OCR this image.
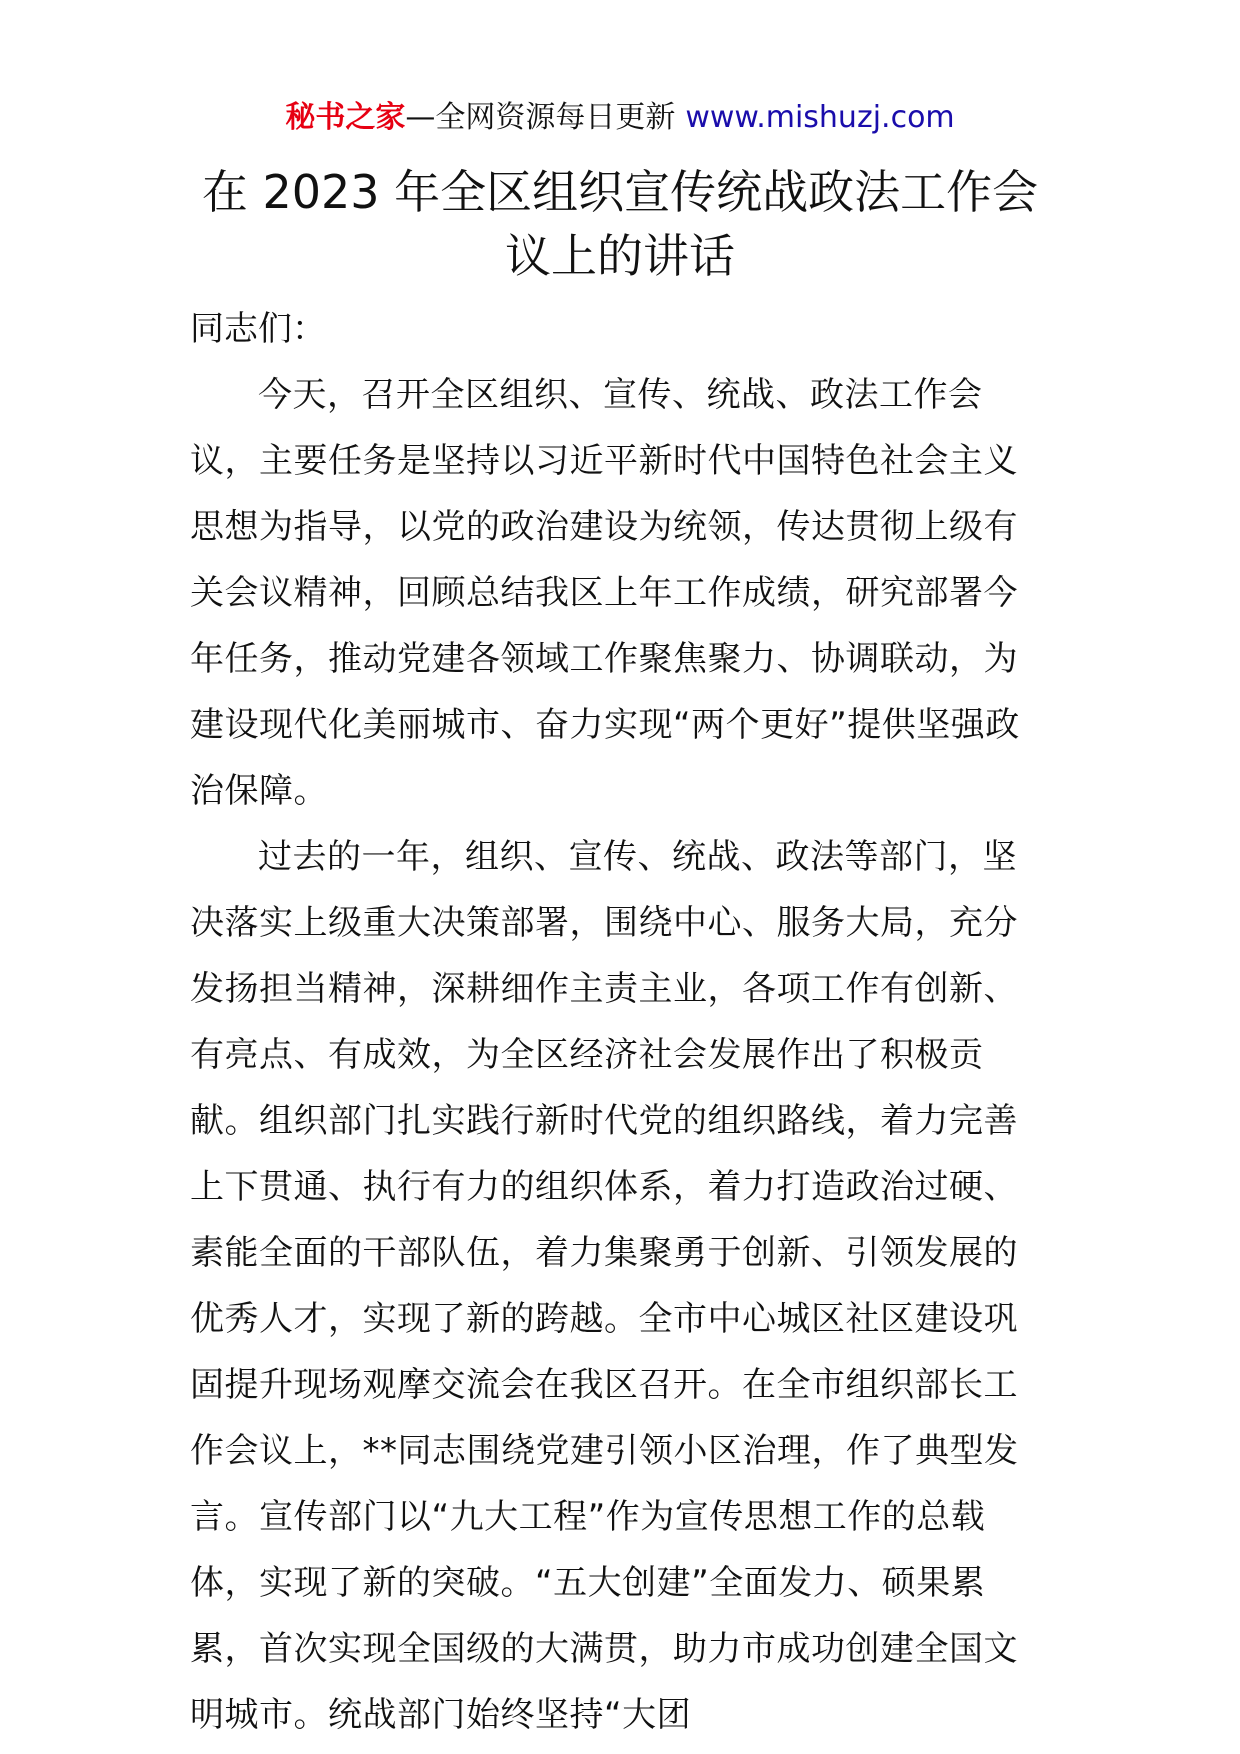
秘书之家—全网资源每日更新 www.mishuzj.com
在 2023 年全区组织宣传统战政法工作会议上的讲话

同志们：

今天，召开全区组织、宣传、统战、政法工作会议，主要任务是坚持以习近平新时代中国特色社会主义思想为指导，以党的政治建设为统领，传达贯彻上级有关会议精神，回顾总结我区上年工作成绩，研究部署今年任务，推动党建各领域工作聚焦聚力、协调联动，为建设现代化美丽城市、奋力实现“两个更好”提供坚强政治保障。

过去的一年，组织、宣传、统战、政法等部门，坚决落实上级重大决策部署，围绕中心、服务大局，充分发扬担当精神，深耕细作主责主业，各项工作有创新、有亮点、有成效，为全区经济社会发展作出了积极贡献。组织部门扎实践行新时代党的组织路线，着力完善上下贯通、执行有力的组织体系，着力打造政治过硬、素能全面的干部队伍，着力集聚勇于创新、引领发展的优秀人才，实现了新的跨越。全市中心城区社区建设巩固提升现场观摩交流会在我区召开。在全市组织部长工作会议上，**同志围绕党建引领小区治理，作了典型发言。宣传部门以“九大工程”作为宣传思想工作的总载体，实现了新的突破。“五大创建”全面发力、硕果累累，首次实现全国级的大满贯，助力市成功创建全国文明城市。统战部门始终坚持“大团
